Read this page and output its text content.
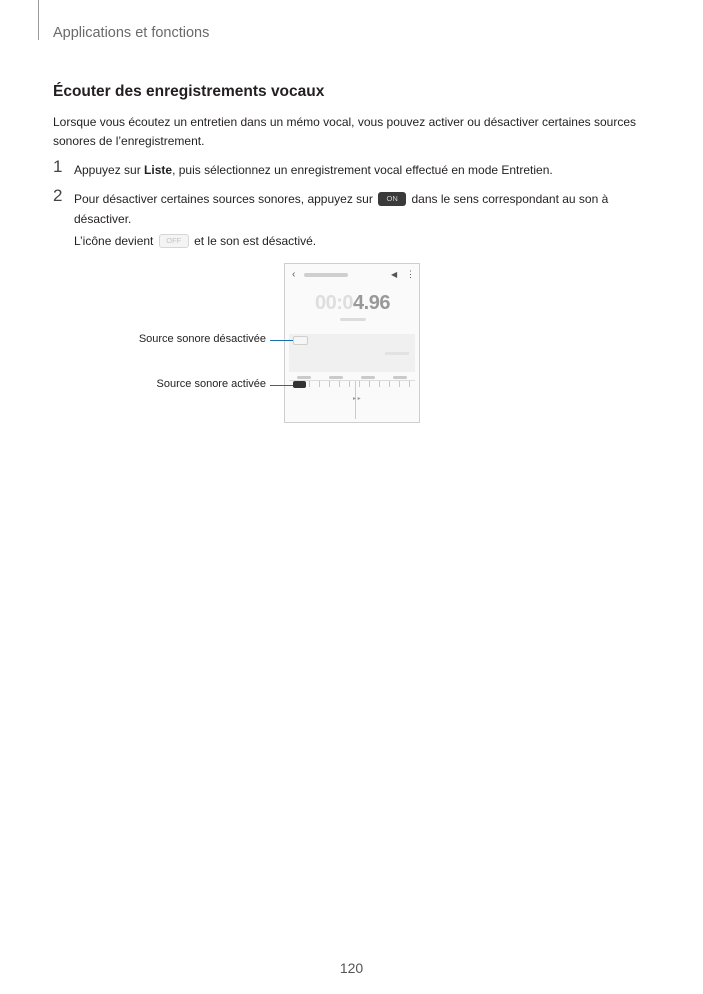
Applications et fonctions
Écouter des enregistrements vocaux

Lorsque vous écoutez un entretien dans un mémo vocal, vous pouvez activer ou désactiver certaines sources sonores de l’enregistrement.

1 Appuyez sur Liste, puis sélectionnez un enregistrement vocal effectué en mode Entretien.
2 Pour désactiver certaines sources sonores, appuyez sur ON dans le sens correspondant au son à désactiver.
L’icône devient OFF et le son est désactivé.
‹	◀ ⋮
00:04.96
▸ ▸
Source sonore désactivée
Source sonore activée
120
